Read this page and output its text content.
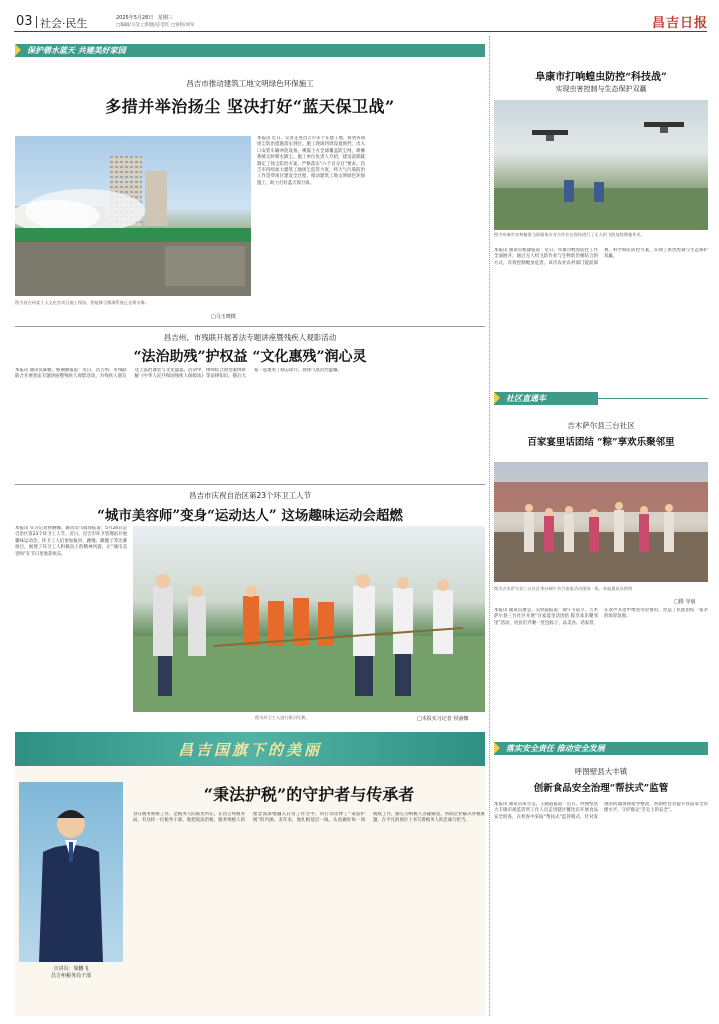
03 社会·民生	2025年5月28日 星期三
□编辑/马莹 □组版/任莹红 □审校/刘军	昌吉日报
保护碧水蓝天 共建美好家园
昌吉市推动建筑工地文明绿色环保施工
多措并举治扬尘 坚决打好“蓝天保卫战”
图为昌吉州某工人文化宫项目施工现场，智能降尘喷淋系统正在喷水雾。
□马玉晓摄
本报讯 近日，记者走进昌吉市多个在建工地，看到各项扬尘防治措施落实到位。施工现场四周设置围挡，出入口安装车辆冲洗设备，裸露土方全部覆盖防尘网，喷淋系统定时喷水降尘。施工单位负责人介绍，建设前期就制定了扬尘防治方案，严格落实“六个百分百”要求。昌吉市持续加大建筑工地扬尘监管力度，将大气污染防治工作贯穿项目建设全过程，推动建筑工地文明绿色环保施工，助力打好蓝天保卫战。
昌吉州、市残联开展普法专题讲座暨残疾人观影活动
“法治助残”护权益 “文化惠残”润心灵
本报讯 通讯员陈婕、杨丽丽报道：近日，昌吉州、市残联联合开展普法专题讲座暨残疾人观影活动，为残疾人朋友送上法治课堂与文化盛宴。活动中，律师结合典型案例讲解《中华人民共和国残疾人保障法》等法律知识，随后大家一起观看了励志影片，现场气氛热烈温馨。
昌吉市庆祝自治区第23个环卫工人节
“城市美容师”变身“运动达人” 这场趣味运动会超燃
本报讯 实习记者侯丽娜、通讯员马瑞珍报道：5月26日是自治区第23个环卫工人节。近日，昌吉市环卫管理站开展趣味运动会，环卫工人们参加拔河、跳绳、踢毽子等比赛项目，展现了环卫工人积极向上的精神风貌，让“城市美容师”在节日里收获快乐。
图为环卫工人进行拔河比赛。	□本报实习记者 侯丽娜
昌吉国旗下的美丽
“秉法护税”的守护者与传承者
宣讲员：梁鹏飞
昌吉州税务局干部
身在税务系统工作，是税务人的职责所在。在昌吉州税务局，有这样一位税务干部，他把依法治税、服务纳税人的理念深深地融入日常工作之中，用行动诠释了“秉法护税”的内涵。多年来，他扎根基层一线，认真做好每一项税收工作，耐心为纳税人答疑解惑，帮助企业解决办税难题，在平凡的岗位上书写着税务人的忠诚与担当。
阜康市打响蝗虫防控“科技战”
实现虫害控制与生态保护双赢
图为阜康市农林植保飞防服务专业合作社在现场进行了无人机飞防连续喷施作业。
本报讯 通讯员杨潇报道：近日，阜康市蝗虫防控工作全面展开，通过无人机飞防作业与生物防治相结合的方式，有效控制蝗虫危害。该市农业农村部门提前部署，科学制定防控方案，实现了虫害控制与生态保护双赢。
社区直通车
吉木萨尔县三台社区
百家宴里话团结 “粽”享欢乐聚邻里
图为吉木萨尔县三台社区举办端午节百家宴活动现场一角。本报通讯员供图
□摄 导丽
本报讯 通讯员屠莹、吴欣霞报道：端午节前夕，吉木萨尔县三台社区开展“百家宴里话团结 粽享欢乐聚邻里”活动，居民们齐聚一堂包粽子、品美食、话家常，在欢声笑语中增进邻里情谊，营造了民族团结一家亲的浓厚氛围。
落实安全责任 推动安全发展
呼图壁县大丰镇
创新食品安全治理“帮扶式”监管
本报讯 通讯员朱雪莹、王晓霞报道：近日，呼图壁县大丰镇市场监管所工作人员走进辖区餐饮店开展食品安全检查，在检查中采取“帮扶式”监管模式，针对发现的问题现场指导整改，帮助经营者提升食品安全管理水平，守护群众“舌尖上的安全”。
